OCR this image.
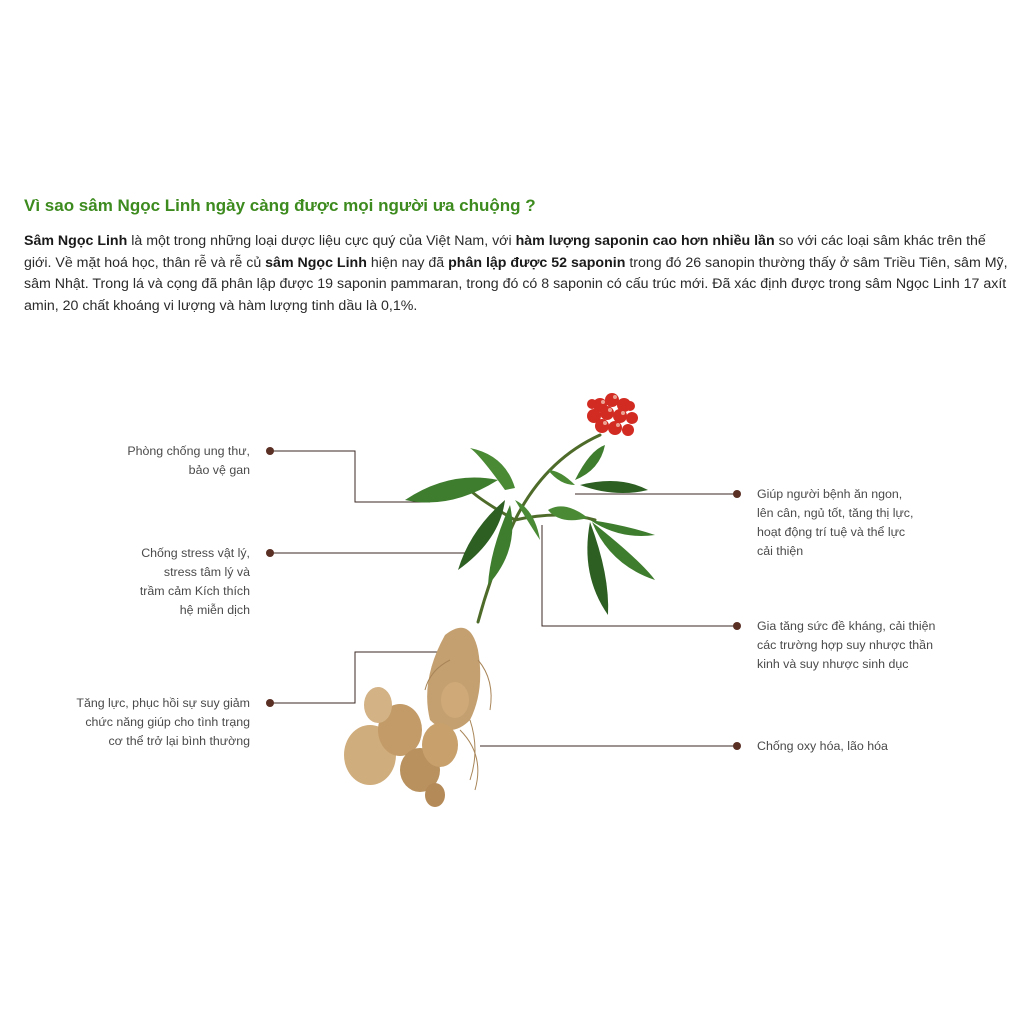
Vì sao sâm Ngọc Linh ngày càng được mọi người ưa chuộng ?

Sâm Ngọc Linh là một trong những loại dược liệu cực quý của Việt Nam, với hàm lượng saponin cao hơn nhiều lần so với các loại sâm khác trên thế giới. Về mặt hoá học, thân rễ và rễ củ sâm Ngọc Linh hiện nay đã phân lập được 52 saponin trong đó 26 sanopin thường thấy ở sâm Triều Tiên, sâm Mỹ, sâm Nhật. Trong lá và cọng đã phân lập được 19 saponin pammaran, trong đó có 8 saponin có cấu trúc mới. Đã xác định được trong sâm Ngọc Linh 17 axít amin, 20 chất khoáng vi lượng và hàm lượng tinh dầu là 0,1%.

Phòng chống ung thư,
bảo vệ gan

Chống stress vật lý,
stress tâm lý và
trầm cảm Kích thích
hệ miễn dịch

Tăng lực, phục hồi sự suy giảm
chức năng giúp cho tình trạng
cơ thể trở lại bình thường

Giúp người bệnh ăn ngon,
lên cân, ngủ tốt, tăng thị lực,
hoạt động trí tuệ và thể lực
cải thiện

Gia tăng sức đề kháng, cải thiện
các trường hợp suy nhược thần
kinh và suy nhược sinh dục

Chống oxy hóa, lão hóa
